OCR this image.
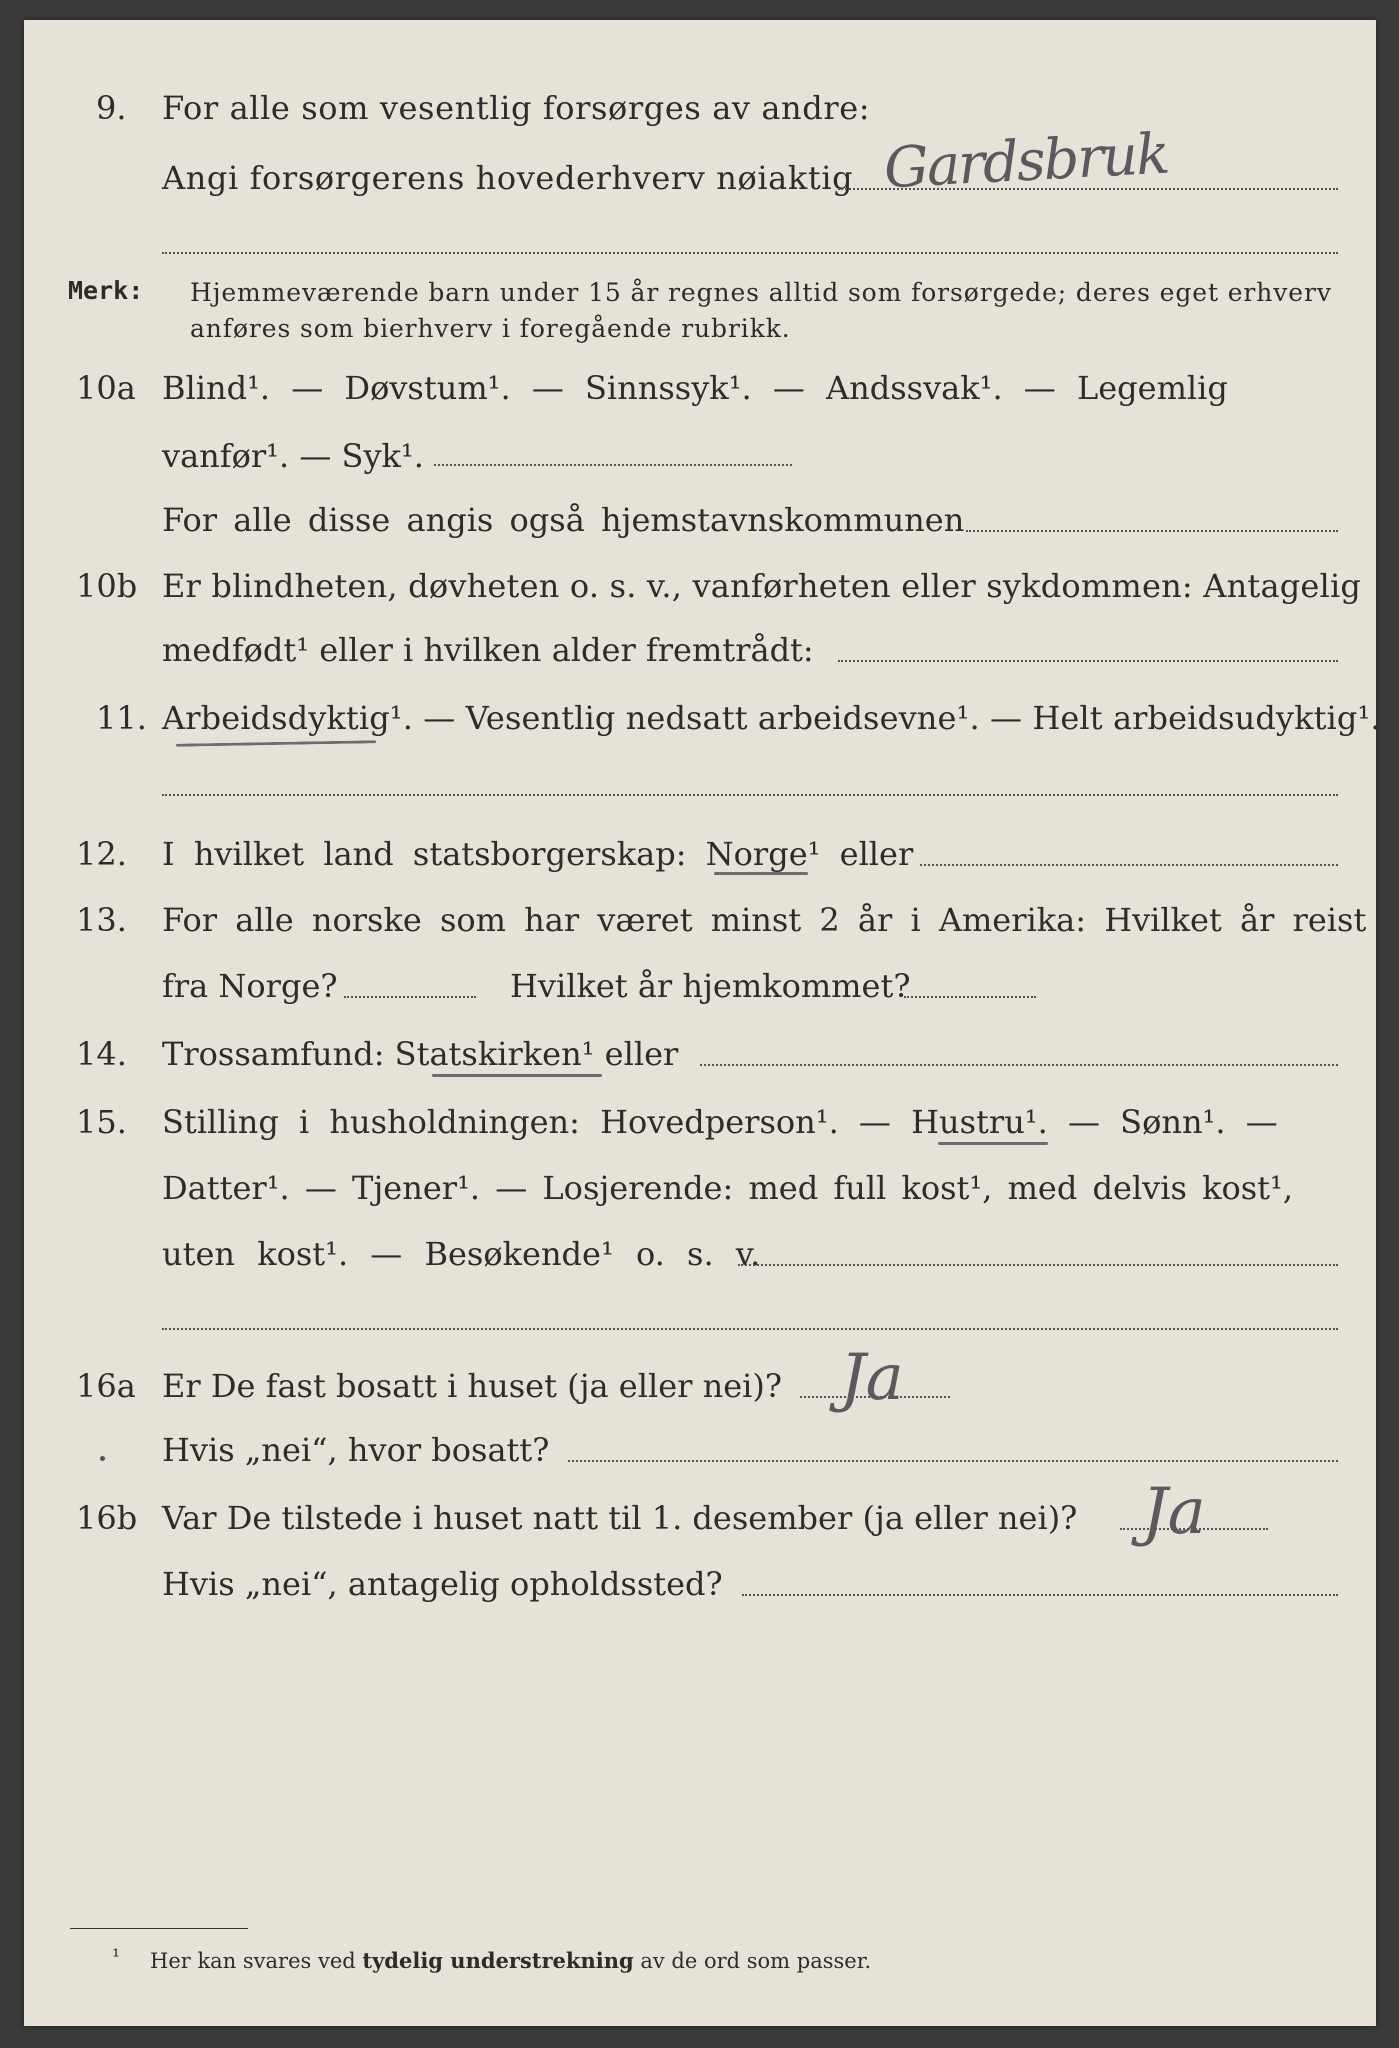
9. For alle som vesentlig forsørges av andre:
Angi forsørgerens hovederhverv nøiaktig Gardsbruk
Merk: Hjemmeværende barn under 15 år regnes alltid som forsørgede; deres eget erhverv
anføres som bierhverv i foregående rubrikk.
10a Blind¹. — Døvstum¹. — Sinnssyk¹. — Andssvak¹. — Legemlig
vanfør¹. — Syk¹.
For alle disse angis også hjemstavnskommunen
10b Er blindheten, døvheten o. s. v., vanførheten eller sykdommen: Antagelig
medfødt¹ eller i hvilken alder fremtrådt:
11. Arbeidsdyktig¹. — Vesentlig nedsatt arbeidsevne¹. — Helt arbeidsudyktig¹.
12. I hvilket land statsborgerskap: Norge¹ eller
13. For alle norske som har været minst 2 år i Amerika: Hvilket år reist
fra Norge?	Hvilket år hjemkommet?
14. Trossamfund: Statskirken¹ eller
15. Stilling i husholdningen: Hovedperson¹. — Hustru¹. — Sønn¹. —
Datter¹. — Tjener¹. — Losjerende: med full kost¹, med delvis kost¹,
uten kost¹. — Besøkende¹ o. s. v.
16a Er De fast bosatt i huset (ja eller nei)? Ja
Hvis „nei“, hvor bosatt?
16b Var De tilstede i huset natt til 1. desember (ja eller nei)? Ja
Hvis „nei“, antagelig opholdssted?
¹ Her kan svares ved tydelig understrekning av de ord som passer.
